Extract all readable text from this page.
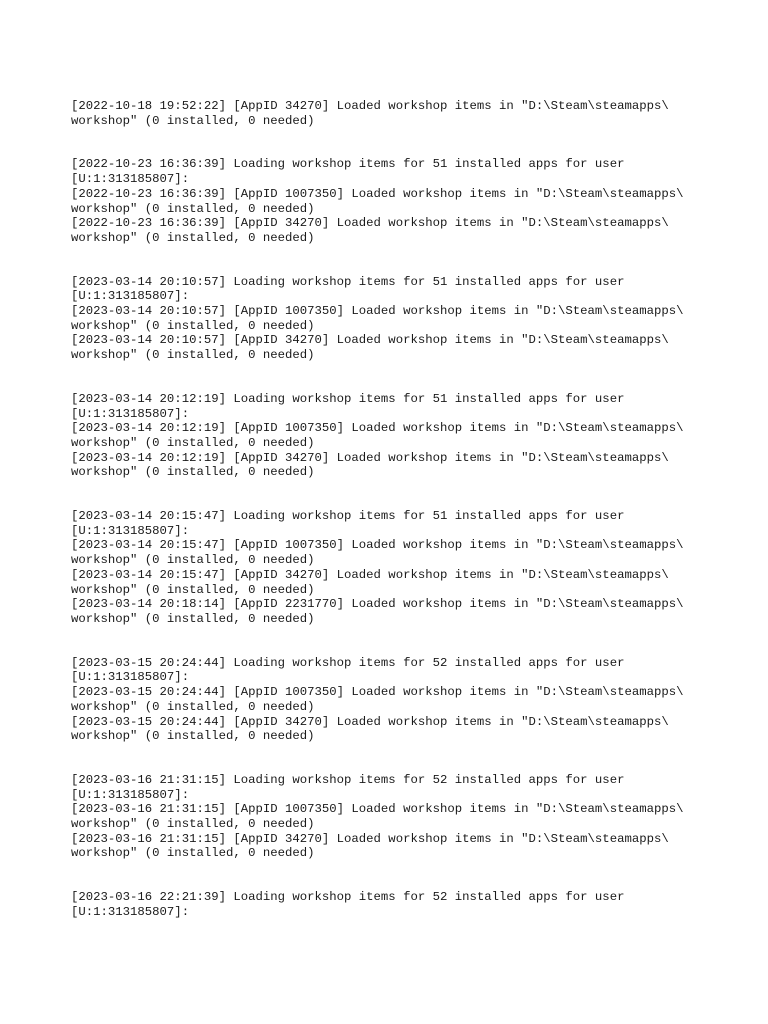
[2022-10-18 19:52:22] [AppID 34270] Loaded workshop items in "D:\Steam\steamapps\
workshop" (0 installed, 0 needed)
[2022-10-23 16:36:39] Loading workshop items for 51 installed apps for user
[U:1:313185807]:
[2022-10-23 16:36:39] [AppID 1007350] Loaded workshop items in "D:\Steam\steamapps\
workshop" (0 installed, 0 needed)
[2022-10-23 16:36:39] [AppID 34270] Loaded workshop items in "D:\Steam\steamapps\
workshop" (0 installed, 0 needed)
[2023-03-14 20:10:57] Loading workshop items for 51 installed apps for user
[U:1:313185807]:
[2023-03-14 20:10:57] [AppID 1007350] Loaded workshop items in "D:\Steam\steamapps\
workshop" (0 installed, 0 needed)
[2023-03-14 20:10:57] [AppID 34270] Loaded workshop items in "D:\Steam\steamapps\
workshop" (0 installed, 0 needed)
[2023-03-14 20:12:19] Loading workshop items for 51 installed apps for user
[U:1:313185807]:
[2023-03-14 20:12:19] [AppID 1007350] Loaded workshop items in "D:\Steam\steamapps\
workshop" (0 installed, 0 needed)
[2023-03-14 20:12:19] [AppID 34270] Loaded workshop items in "D:\Steam\steamapps\
workshop" (0 installed, 0 needed)
[2023-03-14 20:15:47] Loading workshop items for 51 installed apps for user
[U:1:313185807]:
[2023-03-14 20:15:47] [AppID 1007350] Loaded workshop items in "D:\Steam\steamapps\
workshop" (0 installed, 0 needed)
[2023-03-14 20:15:47] [AppID 34270] Loaded workshop items in "D:\Steam\steamapps\
workshop" (0 installed, 0 needed)
[2023-03-14 20:18:14] [AppID 2231770] Loaded workshop items in "D:\Steam\steamapps\
workshop" (0 installed, 0 needed)
[2023-03-15 20:24:44] Loading workshop items for 52 installed apps for user
[U:1:313185807]:
[2023-03-15 20:24:44] [AppID 1007350] Loaded workshop items in "D:\Steam\steamapps\
workshop" (0 installed, 0 needed)
[2023-03-15 20:24:44] [AppID 34270] Loaded workshop items in "D:\Steam\steamapps\
workshop" (0 installed, 0 needed)
[2023-03-16 21:31:15] Loading workshop items for 52 installed apps for user
[U:1:313185807]:
[2023-03-16 21:31:15] [AppID 1007350] Loaded workshop items in "D:\Steam\steamapps\
workshop" (0 installed, 0 needed)
[2023-03-16 21:31:15] [AppID 34270] Loaded workshop items in "D:\Steam\steamapps\
workshop" (0 installed, 0 needed)
[2023-03-16 22:21:39] Loading workshop items for 52 installed apps for user
[U:1:313185807]:
